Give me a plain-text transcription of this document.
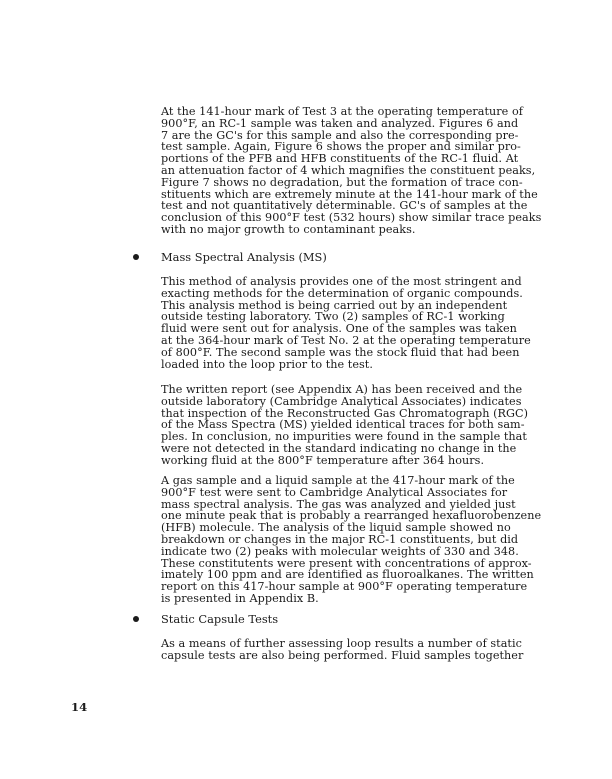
At the 141-hour mark of Test 3 at the operating temperature of
900°F, an RC-1 sample was taken and analyzed. Figures 6 and
7 are the GC's for this sample and also the corresponding pre-
test sample. Again, Figure 6 shows the proper and similar pro-
portions of the PFB and HFB constituents of the RC-1 fluid. At
an attenuation factor of 4 which magnifies the constituent peaks,
Figure 7 shows no degradation, but the formation of trace con-
stituents which are extremely minute at the 141-hour mark of the
test and not quantitatively determinable. GC's of samples at the
conclusion of this 900°F test (532 hours) show similar trace peaks
with no major growth to contaminant peaks.

Mass Spectral Analysis (MS)

This method of analysis provides one of the most stringent and
exacting methods for the determination of organic compounds.
This analysis method is being carried out by an independent
outside testing laboratory. Two (2) samples of RC-1 working
fluid were sent out for analysis. One of the samples was taken
at the 364-hour mark of Test No. 2 at the operating temperature
of 800°F. The second sample was the stock fluid that had been
loaded into the loop prior to the test.
The written report (see Appendix A) has been received and the
outside laboratory (Cambridge Analytical Associates) indicates
that inspection of the Reconstructed Gas Chromatograph (RGC)
of the Mass Spectra (MS) yielded identical traces for both sam-
ples. In conclusion, no impurities were found in the sample that
were not detected in the standard indicating no change in the
working fluid at the 800°F temperature after 364 hours.
A gas sample and a liquid sample at the 417-hour mark of the
900°F test were sent to Cambridge Analytical Associates for
mass spectral analysis. The gas was analyzed and yielded just
one minute peak that is probably a rearranged hexafluorobenzene
(HFB) molecule. The analysis of the liquid sample showed no
breakdown or changes in the major RC-1 constituents, but did
indicate two (2) peaks with molecular weights of 330 and 348.
These constitutents were present with concentrations of approx-
imately 100 ppm and are identified as fluoroalkanes. The written
report on this 417-hour sample at 900°F operating temperature
is presented in Appendix B.

Static Capsule Tests

As a means of further assessing loop results a number of static
capsule tests are also being performed. Fluid samples together

14
